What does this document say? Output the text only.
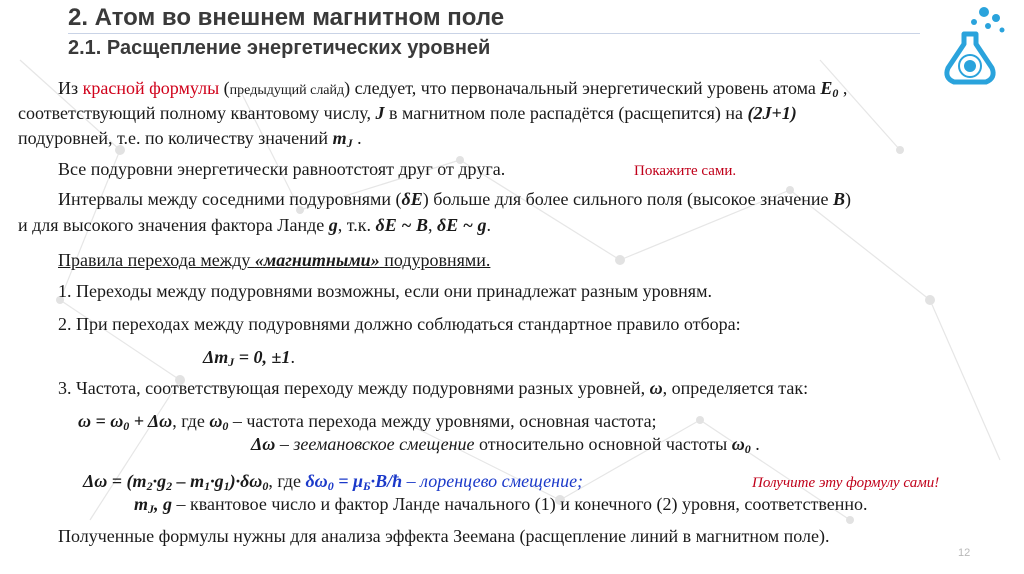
2. Атом во внешнем магнитном поле
2.1. Расщепление энергетических уровней
Из красной формулы (предыдущий слайд) следует, что первоначальный энергетический уровень атома $E_0$ ,
соответствующий полному квантовому числу, J в магнитном поле распадётся (расщепится) на (2J+1)
подуровней, т.е. по количеству значений $m_J$ .
Все подуровни энергетически равноотстоят друг от друга.	Покажите сами.
Интервалы между соседними подуровнями (δE) больше для более сильного поля (высокое значение B)
и для высокого значения фактора Ланде g, т.к. δE ~ B, δE ~ g.
Правила перехода между «магнитными» подуровнями.
1. Переходы между подуровнями возможны, если они принадлежат разным уровням.
2. При переходах между подуровнями должно соблюдаться стандартное правило отбора:
$\Delta m_J = 0$, ±1.
3. Частота, соответствующая переходу между подуровнями разных уровней, ω, определяется так:
$\omega = \omega_0 + \Delta\omega$, где $\omega_0$ – частота перехода между уровнями, основная частота;
Δω – зеемановское смещение относительно основной частоты $\omega_0$ .
$\Delta\omega = (m_2\cdot g_2 - m_1\cdot g_1)\cdot\delta\omega_0$, где $\delta\omega_0$ = $\mu_Б\cdot B/ħ$ – лоренцево смещение;	Получите эту формулу сами!
$m_J$, g – квантовое число и фактор Ланде начального (1) и конечного (2) уровня, соответственно.
Полученные формулы нужны для анализа эффекта Зеемана (расщепление линий в магнитном поле).
12
